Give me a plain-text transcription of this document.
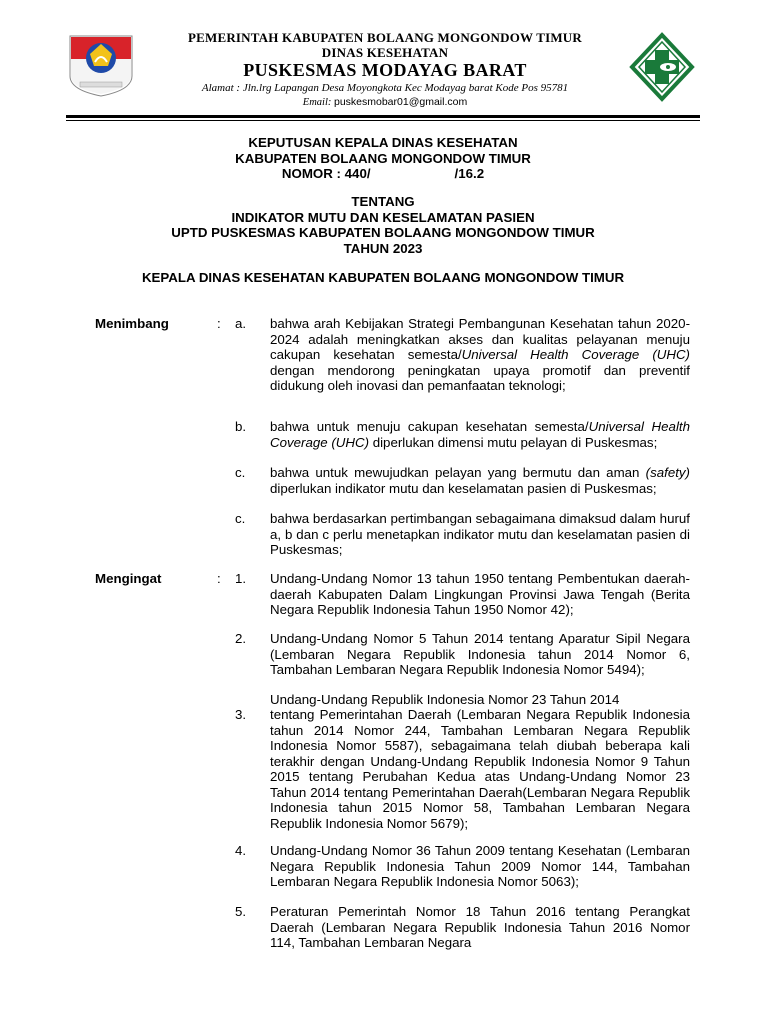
PEMERINTAH KABUPATEN BOLAANG MONGONDOW TIMUR
DINAS KESEHATAN
PUSKESMAS MODAYAG BARAT
Alamat : Jln.lrg Lapangan Desa Moyongkota Kec Modayag barat Kode Pos 95781
Email: puskesmobar01@gmail.com
KEPUTUSAN KEPALA DINAS KESEHATAN
KABUPATEN BOLAANG MONGONDOW TIMUR
NOMOR : 440/	/16.2
TENTANG
INDIKATOR MUTU DAN KESELAMATAN PASIEN
UPTD PUSKESMAS KABUPATEN BOLAANG MONGONDOW TIMUR
TAHUN 2023
KEPALA DINAS KESEHATAN KABUPATEN BOLAANG MONGONDOW TIMUR
Menimbang	: a. bahwa arah Kebijakan Strategi Pembangunan Kesehatan tahun 2020-2024 adalah meningkatkan akses dan kualitas pelayanan menuju cakupan kesehatan semesta/Universal Health Coverage (UHC) dengan mendorong peningkatan upaya promotif dan preventif didukung oleh inovasi dan pemanfaatan teknologi;
b. bahwa untuk menuju cakupan kesehatan semesta/Universal Health Coverage (UHC) diperlukan dimensi mutu pelayan di Puskesmas;
c. bahwa untuk mewujudkan pelayan yang bermutu dan aman (safety) diperlukan indikator mutu dan keselamatan pasien di Puskesmas;
c. bahwa berdasarkan pertimbangan sebagaimana dimaksud dalam huruf a, b dan c perlu menetapkan indikator mutu dan keselamatan pasien di Puskesmas;
Mengingat	: 1. Undang-Undang Nomor 13 tahun 1950 tentang Pembentukan daerah-daerah Kabupaten Dalam Lingkungan Provinsi Jawa Tengah (Berita Negara Republik Indonesia Tahun 1950 Nomor 42);
2. Undang-Undang Nomor 5 Tahun 2014 tentang Aparatur Sipil Negara (Lembaran Negara Republik Indonesia tahun 2014 Nomor 6, Tambahan Lembaran Negara Republik Indonesia Nomor 5494);
Undang-Undang Republik Indonesia Nomor 23 Tahun 2014
3. tentang Pemerintahan Daerah (Lembaran Negara Republik Indonesia tahun 2014 Nomor 244, Tambahan Lembaran Negara Republik Indonesia Nomor 5587), sebagaimana telah diubah beberapa kali terakhir dengan Undang-Undang Republik Indonesia Nomor 9 Tahun 2015 tentang Perubahan Kedua atas Undang-Undang Nomor 23 Tahun 2014 tentang Pemerintahan Daerah(Lembaran Negara Republik Indonesia tahun 2015 Nomor 58, Tambahan Lembaran Negara Republik Indonesia Nomor 5679);
4. Undang-Undang Nomor 36 Tahun 2009 tentang Kesehatan (Lembaran Negara Republik Indonesia Tahun 2009 Nomor 144, Tambahan Lembaran Negara Republik Indonesia Nomor 5063);
5. Peraturan Pemerintah Nomor 18 Tahun 2016 tentang Perangkat Daerah (Lembaran Negara Republik Indonesia Tahun 2016 Nomor 114, Tambahan Lembaran Negara
